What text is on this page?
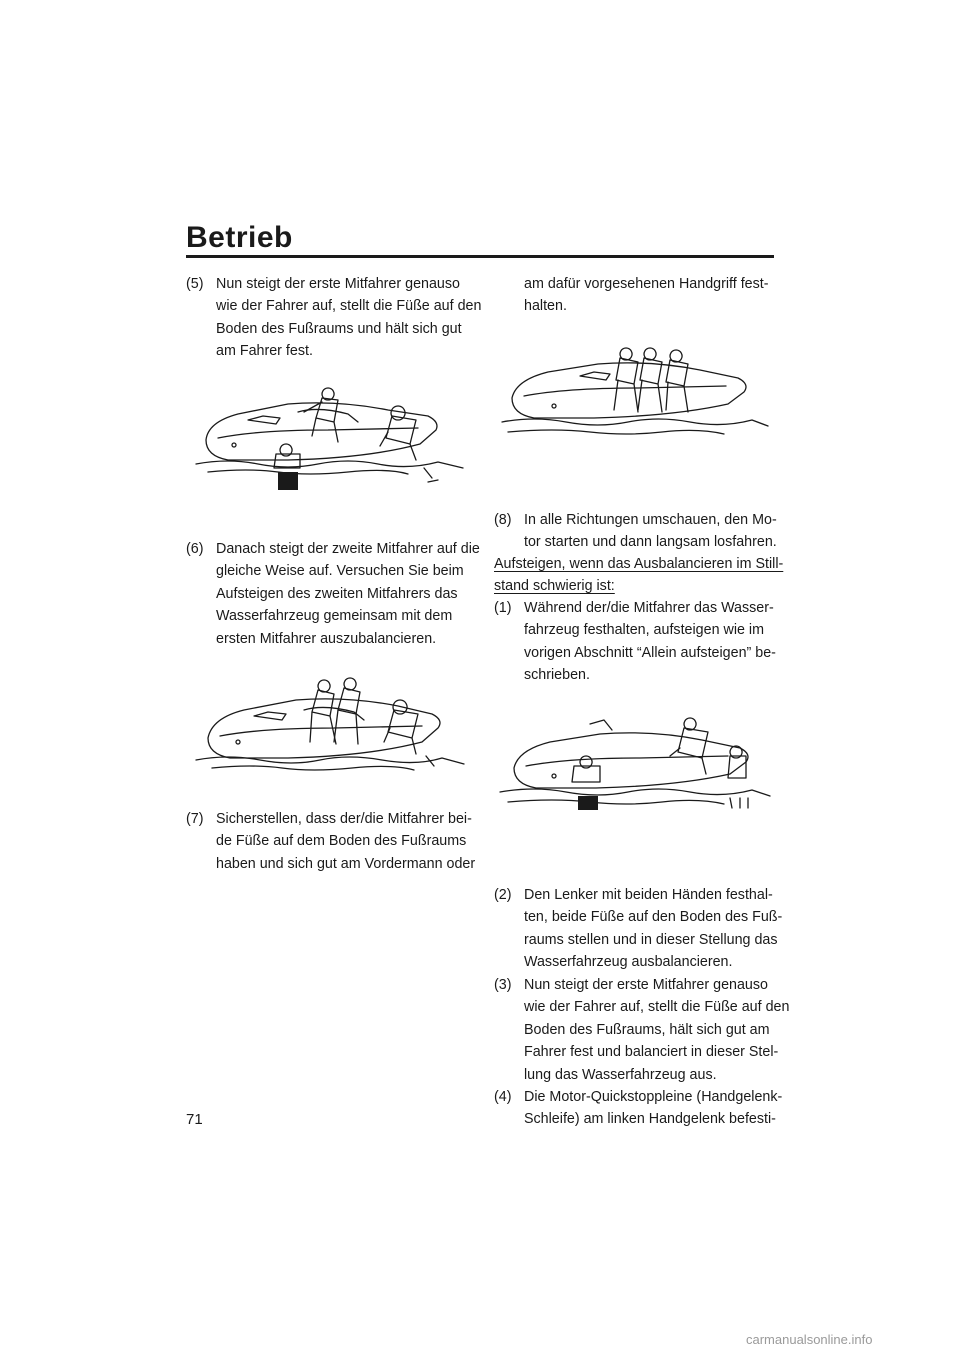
Betrieb
(5) Nun steigt der erste Mitfahrer genauso
wie der Fahrer auf, stellt die Füße auf den
Boden des Fußraums und hält sich gut
am Fahrer fest.
(6) Danach steigt der zweite Mitfahrer auf die
gleiche Weise auf. Versuchen Sie beim
Aufsteigen des zweiten Mitfahrers das
Wasserfahrzeug gemeinsam mit dem
ersten Mitfahrer auszubalancieren.
(7) Sicherstellen, dass der/die Mitfahrer bei-
de Füße auf dem Boden des Fußraums
haben und sich gut am Vordermann oder
am dafür vorgesehenen Handgriff fest-
halten.
(8) In alle Richtungen umschauen, den Mo-
tor starten und dann langsam losfahren.
Aufsteigen, wenn das Ausbalancieren im Still-
stand schwierig ist:
(1) Während der/die Mitfahrer das Wasser-
fahrzeug festhalten, aufsteigen wie im
vorigen Abschnitt “Allein aufsteigen” be-
schrieben.
(2) Den Lenker mit beiden Händen festhal-
ten, beide Füße auf den Boden des Fuß-
raums stellen und in dieser Stellung das
Wasserfahrzeug ausbalancieren.
(3) Nun steigt der erste Mitfahrer genauso
wie der Fahrer auf, stellt die Füße auf den
Boden des Fußraums, hält sich gut am
Fahrer fest und balanciert in dieser Stel-
lung das Wasserfahrzeug aus.
(4) Die Motor-Quickstoppleine (Handgelenk-
Schleife) am linken Handgelenk befesti-
71
carmanualsonline.info
